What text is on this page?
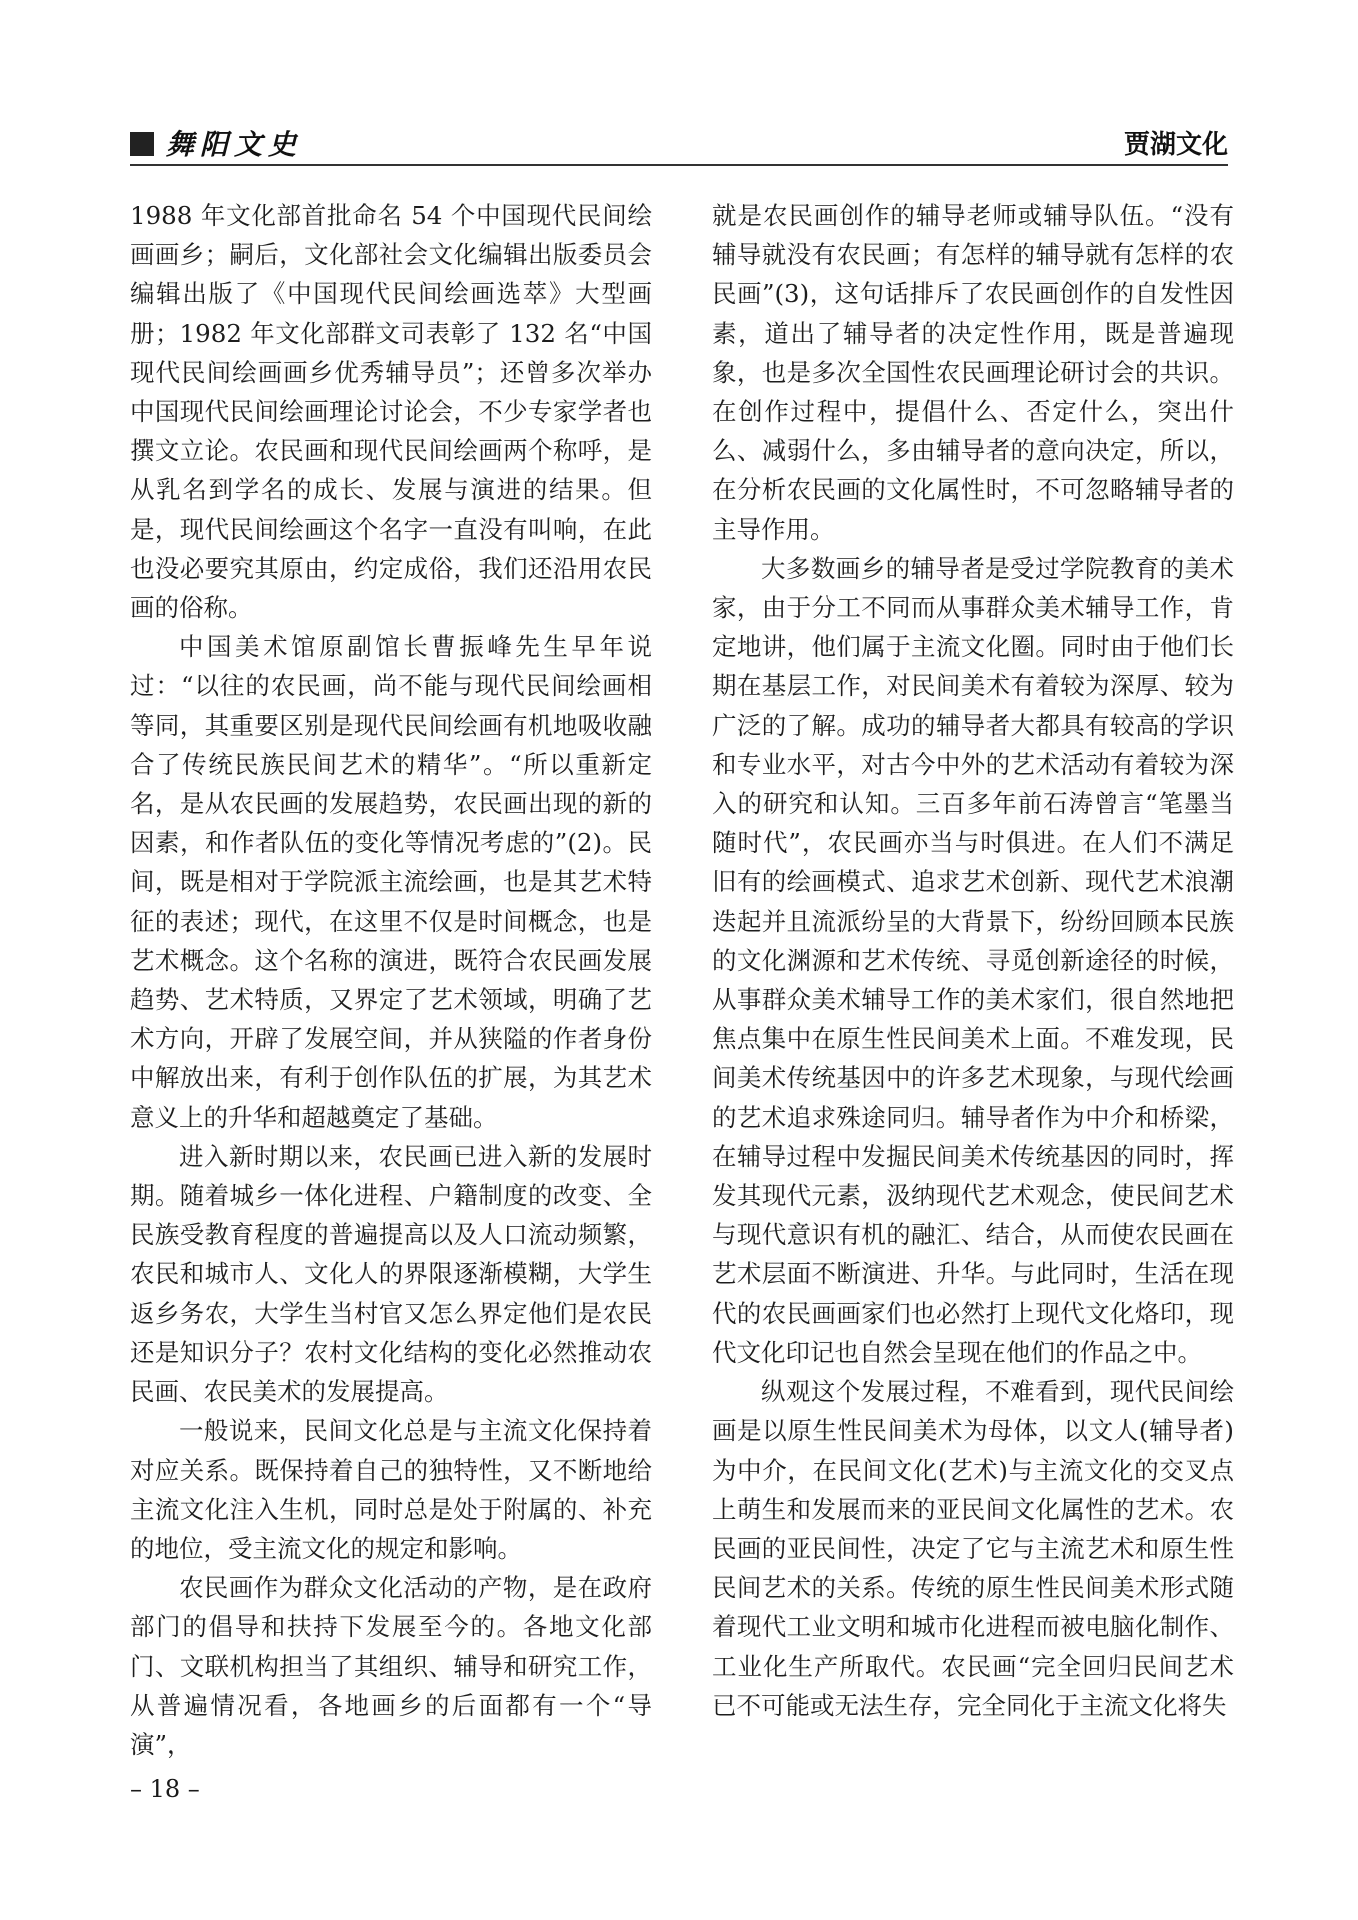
舞阳文史	贾湖文化

1988 年文化部首批命名 54 个中国现代民间绘画画乡；嗣后，文化部社会文化编辑出版委员会编辑出版了《中国现代民间绘画选萃》大型画册；1982 年文化部群文司表彰了 132 名“中国现代民间绘画画乡优秀辅导员”；还曾多次举办中国现代民间绘画理论讨论会，不少专家学者也撰文立论。农民画和现代民间绘画两个称呼，是从乳名到学名的成长、发展与演进的结果。但是，现代民间绘画这个名字一直没有叫响，在此也没必要究其原由，约定成俗，我们还沿用农民画的俗称。

中国美术馆原副馆长曹振峰先生早年说过：“以往的农民画，尚不能与现代民间绘画相等同，其重要区别是现代民间绘画有机地吸收融合了传统民族民间艺术的精华”。“所以重新定名，是从农民画的发展趋势，农民画出现的新的因素，和作者队伍的变化等情况考虑的”(2)。民间，既是相对于学院派主流绘画，也是其艺术特征的表述；现代，在这里不仅是时间概念，也是艺术概念。这个名称的演进，既符合农民画发展趋势、艺术特质，又界定了艺术领域，明确了艺术方向，开辟了发展空间，并从狭隘的作者身份中解放出来，有利于创作队伍的扩展，为其艺术意义上的升华和超越奠定了基础。

进入新时期以来，农民画已进入新的发展时期。随着城乡一体化进程、户籍制度的改变、全民族受教育程度的普遍提高以及人口流动频繁，农民和城市人、文化人的界限逐渐模糊，大学生返乡务农，大学生当村官又怎么界定他们是农民还是知识分子？农村文化结构的变化必然推动农民画、农民美术的发展提高。

一般说来，民间文化总是与主流文化保持着对应关系。既保持着自己的独特性，又不断地给主流文化注入生机，同时总是处于附属的、补充的地位，受主流文化的规定和影响。

农民画作为群众文化活动的产物，是在政府部门的倡导和扶持下发展至今的。各地文化部门、文联机构担当了其组织、辅导和研究工作，从普遍情况看，各地画乡的后面都有一个“导演”，

就是农民画创作的辅导老师或辅导队伍。“没有辅导就没有农民画；有怎样的辅导就有怎样的农民画”(3)，这句话排斥了农民画创作的自发性因素，道出了辅导者的决定性作用，既是普遍现象，也是多次全国性农民画理论研讨会的共识。在创作过程中，提倡什么、否定什么，突出什么、减弱什么，多由辅导者的意向决定，所以，在分析农民画的文化属性时，不可忽略辅导者的主导作用。

大多数画乡的辅导者是受过学院教育的美术家，由于分工不同而从事群众美术辅导工作，肯定地讲，他们属于主流文化圈。同时由于他们长期在基层工作，对民间美术有着较为深厚、较为广泛的了解。成功的辅导者大都具有较高的学识和专业水平，对古今中外的艺术活动有着较为深入的研究和认知。三百多年前石涛曾言“笔墨当随时代”，农民画亦当与时俱进。在人们不满足旧有的绘画模式、追求艺术创新、现代艺术浪潮迭起并且流派纷呈的大背景下，纷纷回顾本民族的文化渊源和艺术传统、寻觅创新途径的时候，从事群众美术辅导工作的美术家们，很自然地把焦点集中在原生性民间美术上面。不难发现，民间美术传统基因中的许多艺术现象，与现代绘画的艺术追求殊途同归。辅导者作为中介和桥梁，在辅导过程中发掘民间美术传统基因的同时，挥发其现代元素，汲纳现代艺术观念，使民间艺术与现代意识有机的融汇、结合，从而使农民画在艺术层面不断演进、升华。与此同时，生活在现代的农民画画家们也必然打上现代文化烙印，现代文化印记也自然会呈现在他们的作品之中。

纵观这个发展过程，不难看到，现代民间绘画是以原生性民间美术为母体，以文人(辅导者)为中介，在民间文化(艺术)与主流文化的交叉点上萌生和发展而来的亚民间文化属性的艺术。农民画的亚民间性，决定了它与主流艺术和原生性民间艺术的关系。传统的原生性民间美术形式随着现代工业文明和城市化进程而被电脑化制作、工业化生产所取代。农民画“完全回归民间艺术已不可能或无法生存，完全同化于主流文化将失

– 18 –
